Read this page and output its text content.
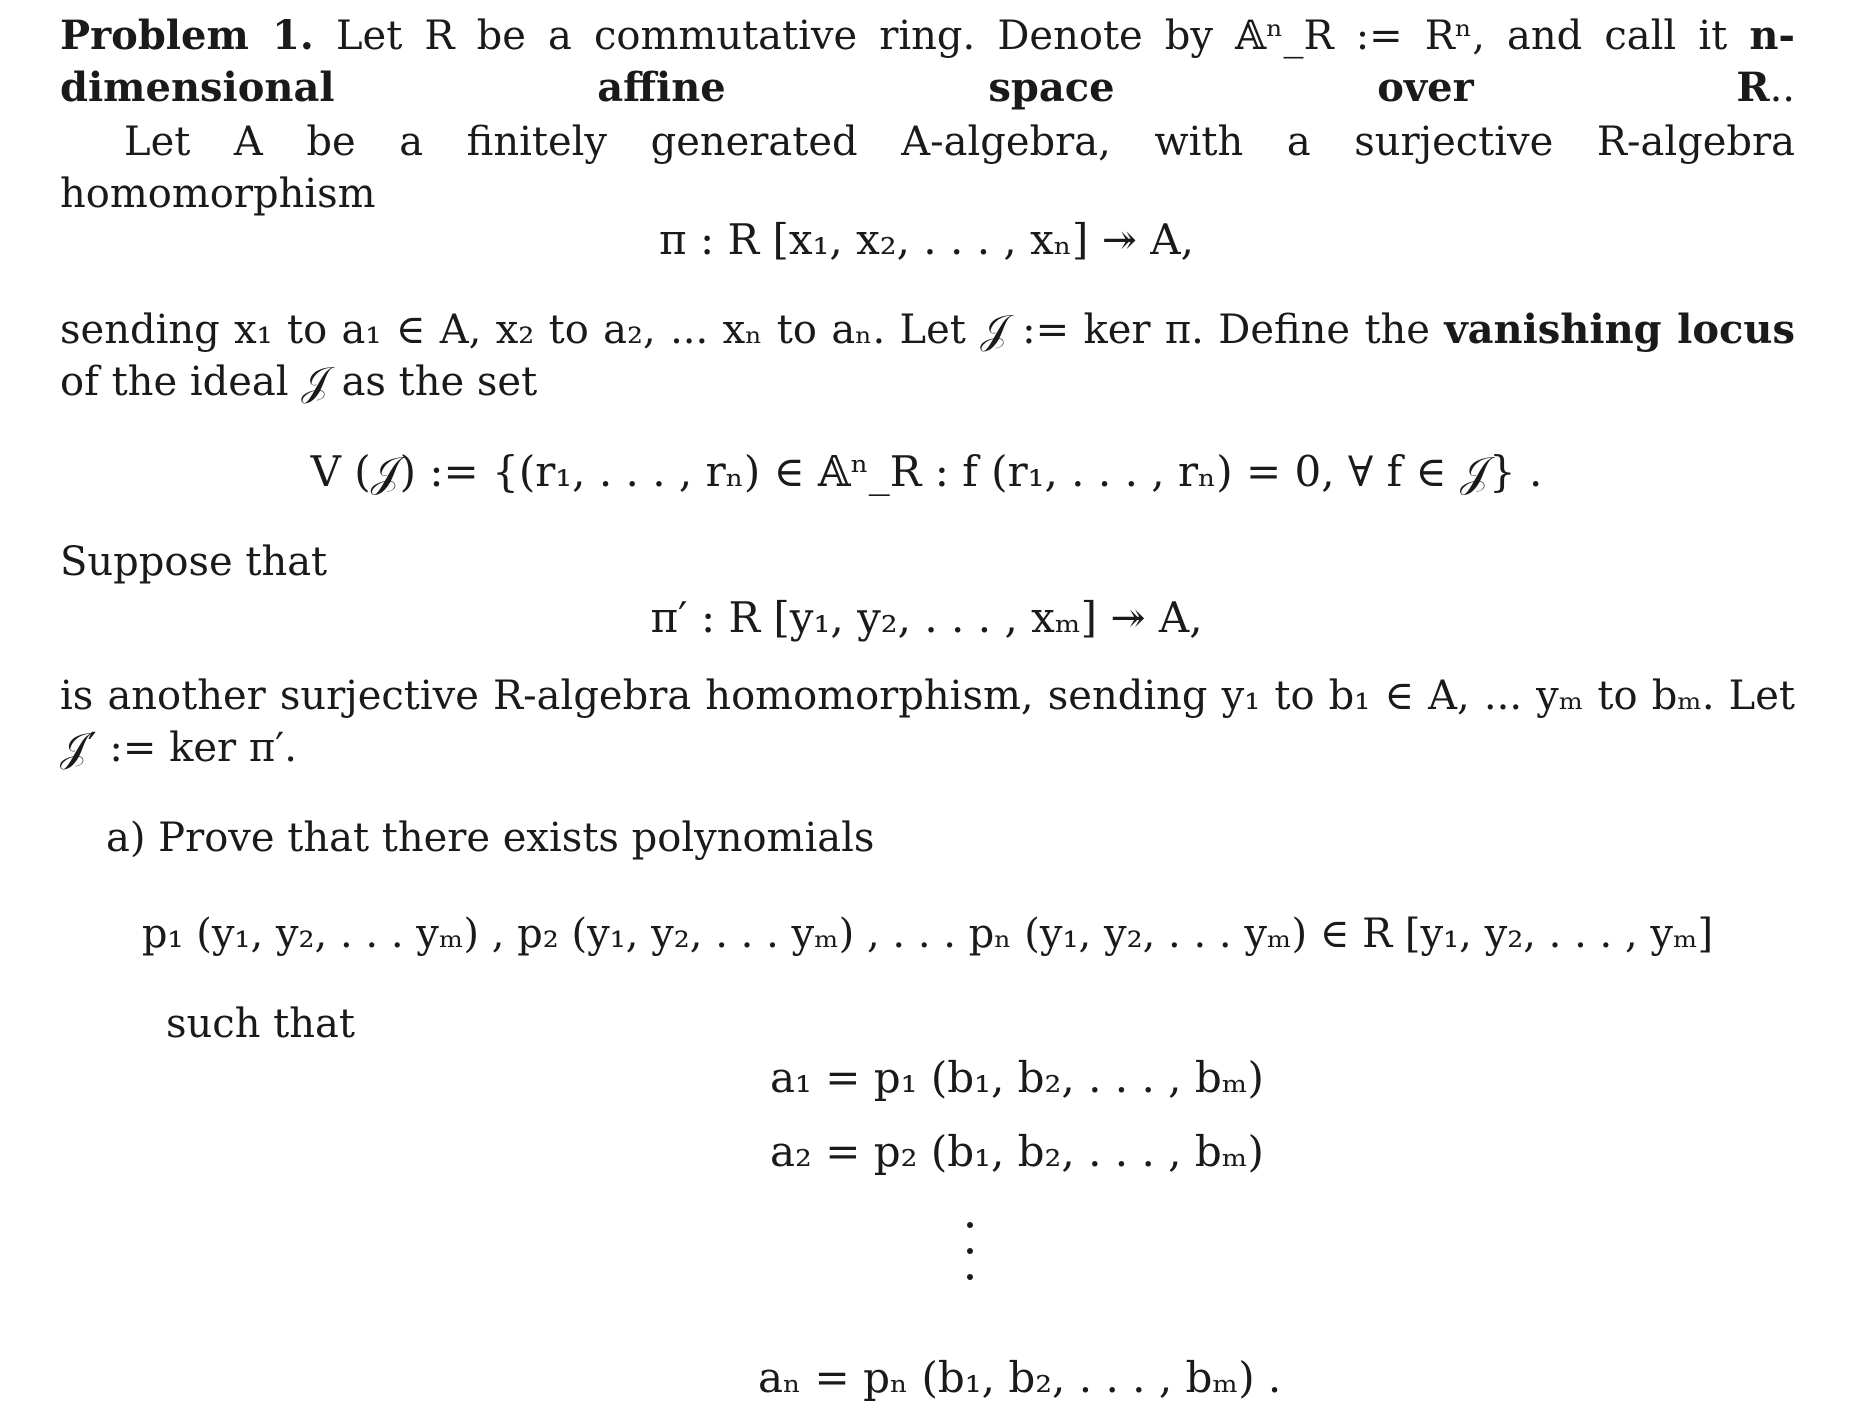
Problem 1. Let R be a commutative ring. Denote by 𝔸ⁿ_R := Rⁿ, and call it n-dimensional affine space over R..
Let A be a finitely generated A-algebra, with a surjective R-algebra homomorphism
π : R [x₁, x₂, . . . , xₙ] ↠ A,
sending x₁ to a₁ ∈ A, x₂ to a₂, ... xₙ to aₙ. Let 𝒥 := ker π. Define the vanishing locus of the ideal 𝒥 as the set
V (𝒥) := {(r₁, . . . , rₙ) ∈ 𝔸ⁿ_R : f (r₁, . . . , rₙ) = 0, ∀ f ∈ 𝒥} .
Suppose that
π′ : R [y₁, y₂, . . . , xₘ] ↠ A,
is another surjective R-algebra homomorphism, sending y₁ to b₁ ∈ A, ... yₘ to bₘ. Let 𝒥′ := ker π′.
a) Prove that there exists polynomials
p₁ (y₁, y₂, . . . yₘ) , p₂ (y₁, y₂, . . . yₘ) , . . . pₙ (y₁, y₂, . . . yₘ) ∈ R [y₁, y₂, . . . , yₘ]
such that
a₁ = p₁ (b₁, b₂, . . . , bₘ)
a₂ = p₂ (b₁, b₂, . . . , bₘ)
aₙ = pₙ (b₁, b₂, . . . , bₘ) .
